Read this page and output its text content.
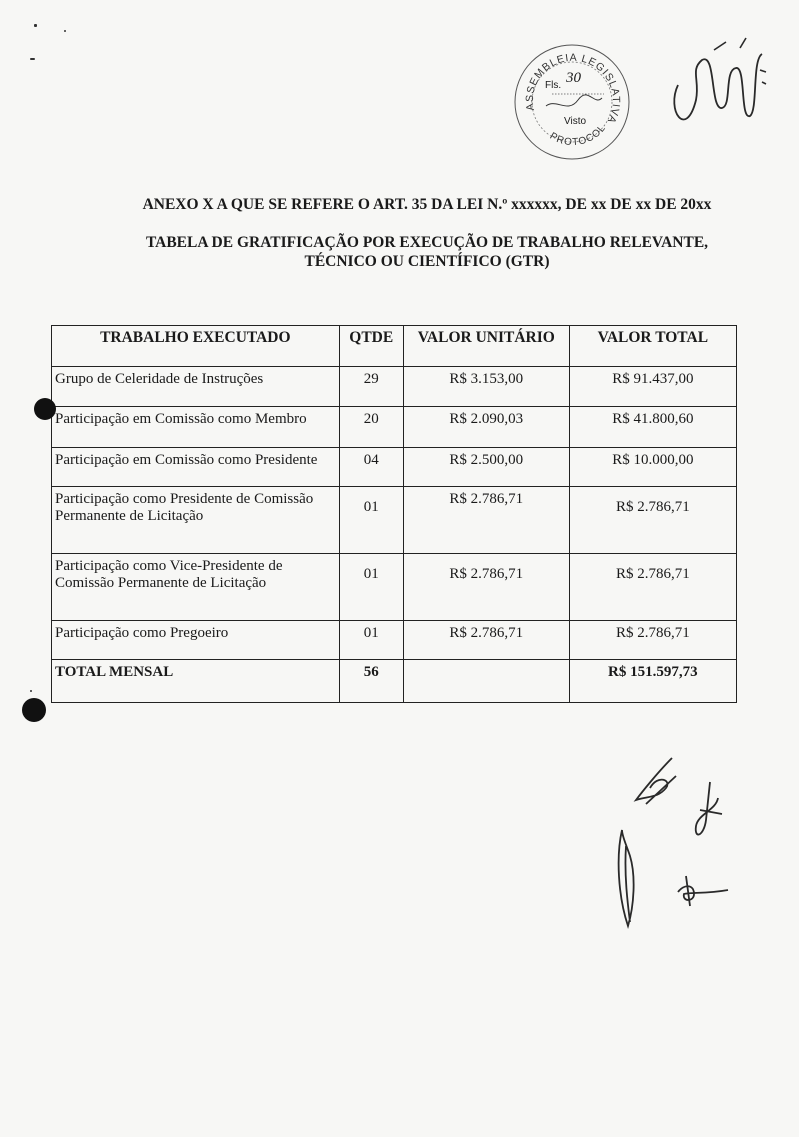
ASSEMBLEIA LEGISLATIVA
PROTOCOL
Fls. 30
Visto
ANEXO X A QUE SE REFERE O ART. 35 DA LEI N.º xxxxxx, DE xx DE xx DE 20xx
TABELA DE GRATIFICAÇÃO POR EXECUÇÃO DE TRABALHO RELEVANTE,
TÉCNICO OU CIENTÍFICO (GTR)
TRABALHO EXECUTADO	QTDE	VALOR UNITÁRIO	VALOR TOTAL
Grupo de Celeridade de Instruções	29	R$ 3.153,00	R$ 91.437,00
Participação em Comissão como Membro	20	R$ 2.090,03	R$ 41.800,60
Participação em Comissão como Presidente	04	R$ 2.500,00	R$ 10.000,00
Participação como Presidente de Comissão Permanente de Licitação	01	R$ 2.786,71	R$ 2.786,71
Participação como Vice-Presidente de Comissão Permanente de Licitação	01	R$ 2.786,71	R$ 2.786,71
Participação como Pregoeiro	01	R$ 2.786,71	R$ 2.786,71
TOTAL MENSAL	56		R$ 151.597,73
